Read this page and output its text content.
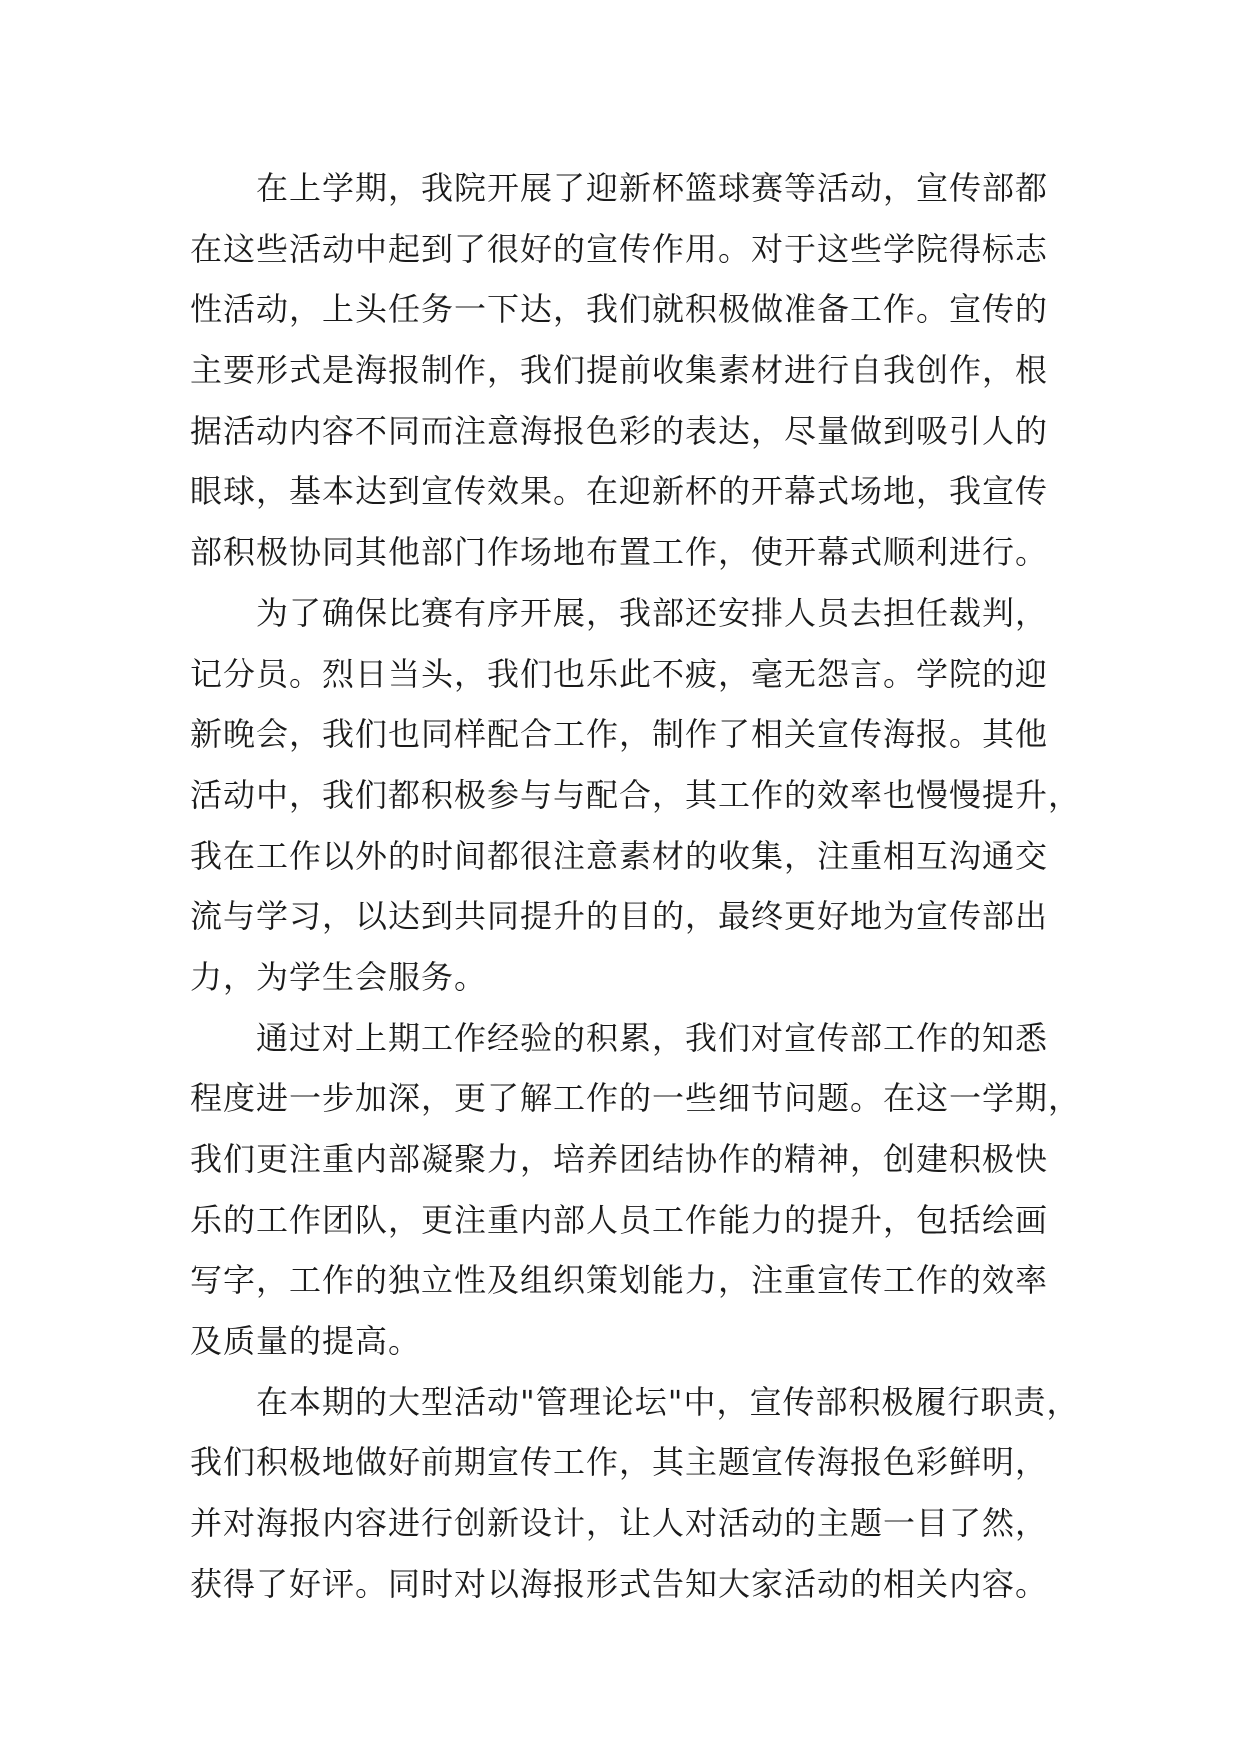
在上学期，我院开展了迎新杯篮球赛等活动，宣传部都
在这些活动中起到了很好的宣传作用。对于这些学院得标志
性活动，上头任务一下达，我们就积极做准备工作。宣传的
主要形式是海报制作，我们提前收集素材进行自我创作，根
据活动内容不同而注意海报色彩的表达，尽量做到吸引人的
眼球，基本达到宣传效果。在迎新杯的开幕式场地，我宣传
部积极协同其他部门作场地布置工作，使开幕式顺利进行。
为了确保比赛有序开展，我部还安排人员去担任裁判，
记分员。烈日当头，我们也乐此不疲，毫无怨言。学院的迎
新晚会，我们也同样配合工作，制作了相关宣传海报。其他
活动中，我们都积极参与与配合，其工作的效率也慢慢提升，
我在工作以外的时间都很注意素材的收集，注重相互沟通交
流与学习，以达到共同提升的目的，最终更好地为宣传部出
力，为学生会服务。
通过对上期工作经验的积累，我们对宣传部工作的知悉
程度进一步加深，更了解工作的一些细节问题。在这一学期，
我们更注重内部凝聚力，培养团结协作的精神，创建积极快
乐的工作团队，更注重内部人员工作能力的提升，包括绘画
写字，工作的独立性及组织策划能力，注重宣传工作的效率
及质量的提高。
在本期的大型活动"管理论坛"中，宣传部积极履行职责，
我们积极地做好前期宣传工作，其主题宣传海报色彩鲜明，
并对海报内容进行创新设计，让人对活动的主题一目了然，
获得了好评。同时对以海报形式告知大家活动的相关内容。
